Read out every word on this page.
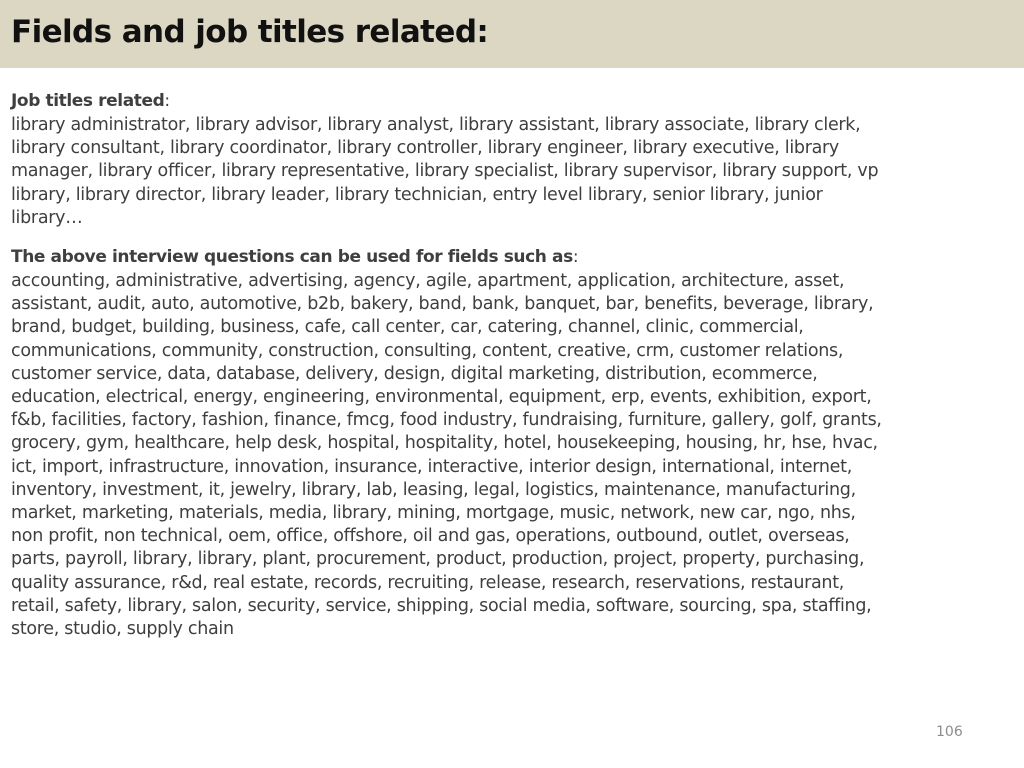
Fields and job titles related:

Job titles related:

library administrator, library advisor, library analyst, library assistant, library associate, library clerk,
library consultant, library coordinator, library controller, library engineer, library executive, library
manager, library officer, library representative, library specialist, library supervisor, library support, vp
library, library director, library leader, library technician, entry level library, senior library, junior
library…

The above interview questions can be used for fields such as:

accounting, administrative, advertising, agency, agile, apartment, application, architecture, asset,
assistant, audit, auto, automotive, b2b, bakery, band, bank, banquet, bar, benefits, beverage, library,
brand, budget, building, business, cafe, call center, car, catering, channel, clinic, commercial,
communications, community, construction, consulting, content, creative, crm, customer relations,
customer service, data, database, delivery, design, digital marketing, distribution, ecommerce,
education, electrical, energy, engineering, environmental, equipment, erp, events, exhibition, export,
f&b, facilities, factory, fashion, finance, fmcg, food industry, fundraising, furniture, gallery, golf, grants,
grocery, gym, healthcare, help desk, hospital, hospitality, hotel, housekeeping, housing, hr, hse, hvac,
ict, import, infrastructure, innovation, insurance, interactive, interior design, international, internet,
inventory, investment, it, jewelry, library, lab, leasing, legal, logistics, maintenance, manufacturing,
market, marketing, materials, media, library, mining, mortgage, music, network, new car, ngo, nhs,
non profit, non technical, oem, office, offshore, oil and gas, operations, outbound, outlet, overseas,
parts, payroll, library, library, plant, procurement, product, production, project, property, purchasing,
quality assurance, r&d, real estate, records, recruiting, release, research, reservations, restaurant,
retail, safety, library, salon, security, service, shipping, social media, software, sourcing, spa, staffing,
store, studio, supply chain

106
